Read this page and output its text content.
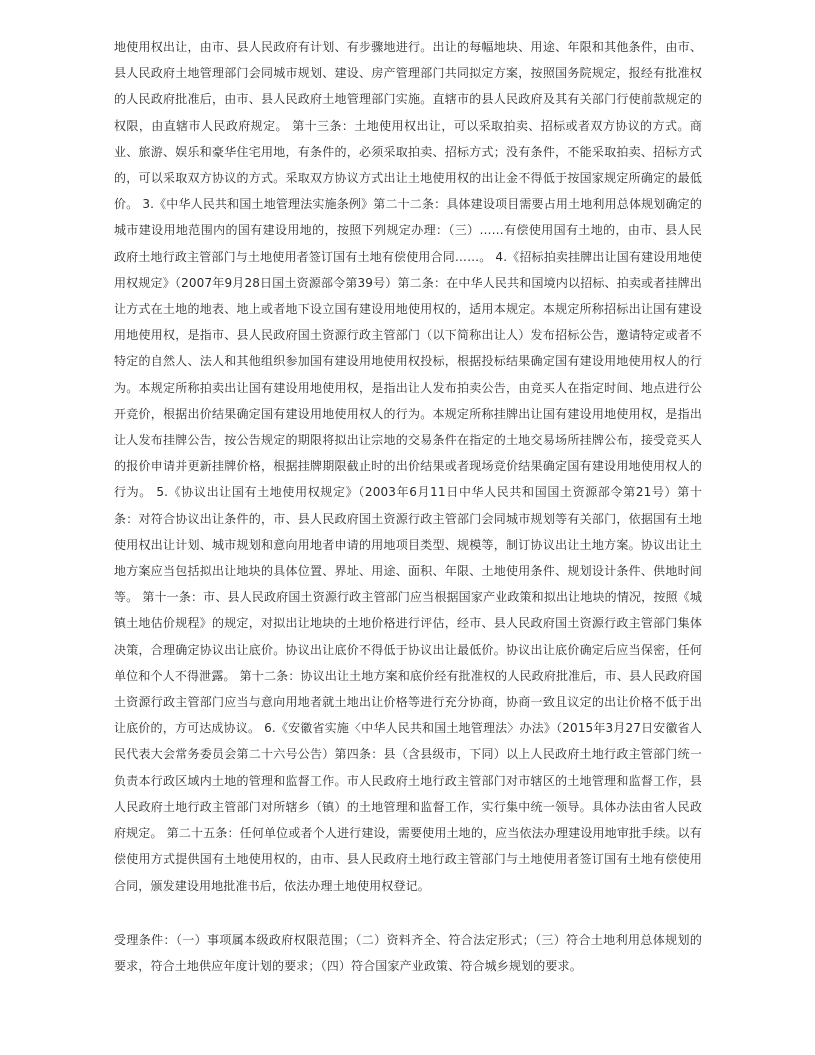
地使用权出让，由市、县人民政府有计划、有步骤地进行。出让的每幅地块、用途、年限和其他条件，由市、县人民政府土地管理部门会同城市规划、建设、房产管理部门共同拟定方案，按照国务院规定，报经有批准权的人民政府批准后，由市、县人民政府土地管理部门实施。直辖市的县人民政府及其有关部门行使前款规定的权限，由直辖市人民政府规定。 第十三条：土地使用权出让，可以采取拍卖、招标或者双方协议的方式。商业、旅游、娱乐和豪华住宅用地，有条件的，必须采取拍卖、招标方式；没有条件，不能采取拍卖、招标方式的，可以采取双方协议的方式。采取双方协议方式出让土地使用权的出让金不得低于按国家规定所确定的最低价。 3.《中华人民共和国土地管理法实施条例》第二十二条：具体建设项目需要占用土地利用总体规划确定的城市建设用地范围内的国有建设用地的，按照下列规定办理：（三）……有偿使用国有土地的，由市、县人民政府土地行政主管部门与土地使用者签订国有土地有偿使用合同……。 4.《招标拍卖挂牌出让国有建设用地使用权规定》（2007年9月28日国土资源部令第39号）第二条：在中华人民共和国境内以招标、拍卖或者挂牌出让方式在土地的地表、地上或者地下设立国有建设用地使用权的，适用本规定。本规定所称招标出让国有建设用地使用权，是指市、县人民政府国土资源行政主管部门（以下简称出让人）发布招标公告，邀请特定或者不特定的自然人、法人和其他组织参加国有建设用地使用权投标，根据投标结果确定国有建设用地使用权人的行为。本规定所称拍卖出让国有建设用地使用权，是指出让人发布拍卖公告，由竞买人在指定时间、地点进行公开竞价，根据出价结果确定国有建设用地使用权人的行为。本规定所称挂牌出让国有建设用地使用权，是指出让人发布挂牌公告，按公告规定的期限将拟出让宗地的交易条件在指定的土地交易场所挂牌公布，接受竞买人的报价申请并更新挂牌价格，根据挂牌期限截止时的出价结果或者现场竞价结果确定国有建设用地使用权人的行为。 5.《协议出让国有土地使用权规定》（2003年6月11日中华人民共和国国土资源部令第21号）第十条：对符合协议出让条件的，市、县人民政府国土资源行政主管部门会同城市规划等有关部门，依据国有土地使用权出让计划、城市规划和意向用地者申请的用地项目类型、规模等，制订协议出让土地方案。协议出让土地方案应当包括拟出让地块的具体位置、界址、用途、面积、年限、土地使用条件、规划设计条件、供地时间等。 第十一条：市、县人民政府国土资源行政主管部门应当根据国家产业政策和拟出让地块的情况，按照《城镇土地估价规程》的规定，对拟出让地块的土地价格进行评估，经市、县人民政府国土资源行政主管部门集体决策，合理确定协议出让底价。协议出让底价不得低于协议出让最低价。协议出让底价确定后应当保密，任何单位和个人不得泄露。 第十二条：协议出让土地方案和底价经有批准权的人民政府批准后，市、县人民政府国土资源行政主管部门应当与意向用地者就土地出让价格等进行充分协商，协商一致且议定的出让价格不低于出让底价的，方可达成协议。 6.《安徽省实施〈中华人民共和国土地管理法〉办法》（2015年3月27日安徽省人民代表大会常务委员会第二十六号公告）第四条：县（含县级市，下同）以上人民政府土地行政主管部门统一负责本行政区域内土地的管理和监督工作。市人民政府土地行政主管部门对市辖区的土地管理和监督工作，县人民政府土地行政主管部门对所辖乡（镇）的土地管理和监督工作，实行集中统一领导。具体办法由省人民政府规定。 第二十五条：任何单位或者个人进行建设，需要使用土地的，应当依法办理建设用地审批手续。以有偿使用方式提供国有土地使用权的，由市、县人民政府土地行政主管部门与土地使用者签订国有土地有偿使用合同，颁发建设用地批准书后，依法办理土地使用权登记。

受理条件：（一）事项属本级政府权限范围；（二）资料齐全、符合法定形式；（三）符合土地利用总体规划的要求，符合土地供应年度计划的要求；（四）符合国家产业政策、符合城乡规划的要求。
